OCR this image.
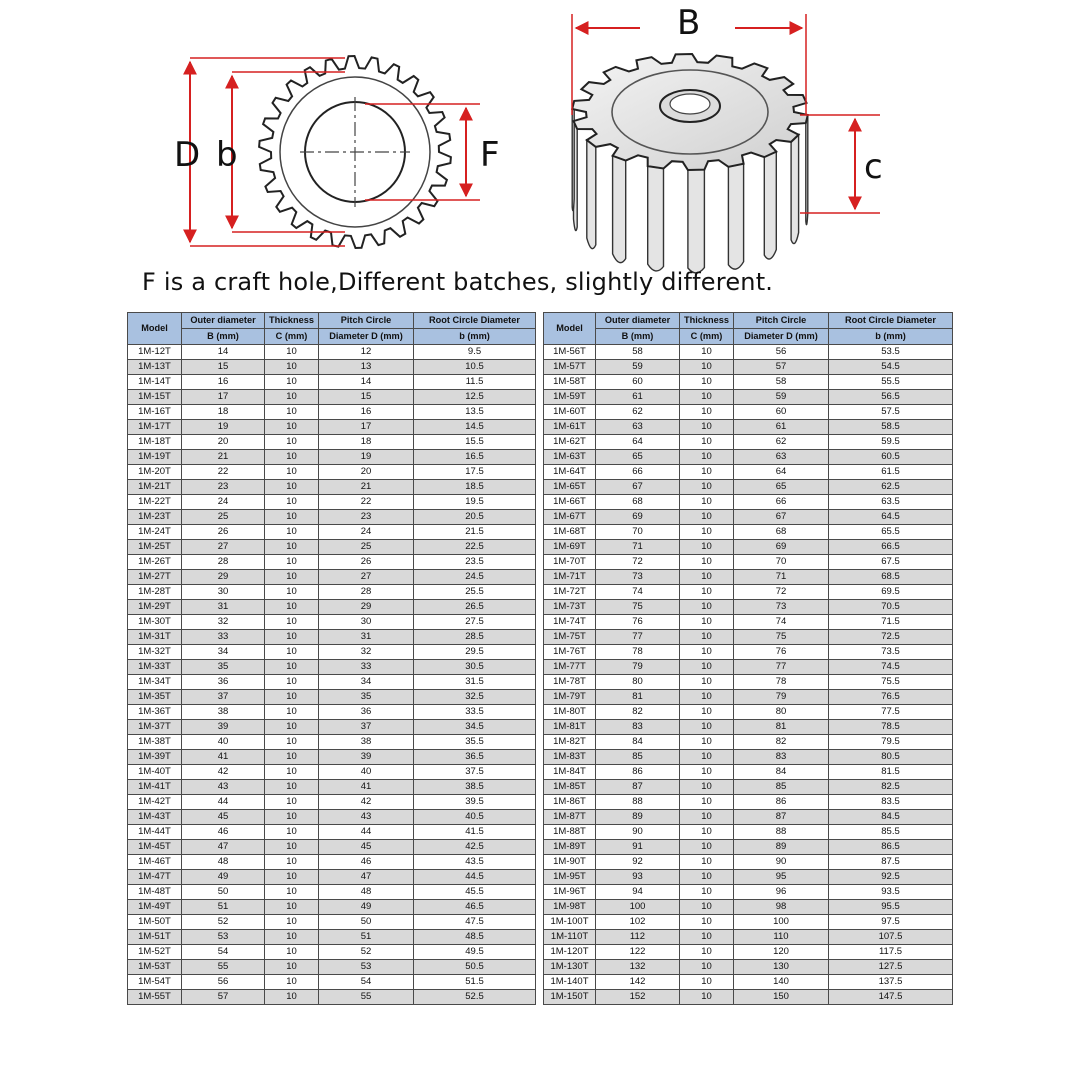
D b	F
B
c
F is a craft hole,Different batches, slightly different.
Model	Outer diameter	Thickness	Pitch Circle	Root Circle Diameter
	B (mm)	C (mm)	Diameter D (mm)	b (mm)
1M-12T	14	10	12	9.5
1M-13T	15	10	13	10.5
1M-14T	16	10	14	11.5
1M-15T	17	10	15	12.5
1M-16T	18	10	16	13.5
1M-17T	19	10	17	14.5
1M-18T	20	10	18	15.5
1M-19T	21	10	19	16.5
1M-20T	22	10	20	17.5
1M-21T	23	10	21	18.5
1M-22T	24	10	22	19.5
1M-23T	25	10	23	20.5
1M-24T	26	10	24	21.5
1M-25T	27	10	25	22.5
1M-26T	28	10	26	23.5
1M-27T	29	10	27	24.5
1M-28T	30	10	28	25.5
1M-29T	31	10	29	26.5
1M-30T	32	10	30	27.5
1M-31T	33	10	31	28.5
1M-32T	34	10	32	29.5
1M-33T	35	10	33	30.5
1M-34T	36	10	34	31.5
1M-35T	37	10	35	32.5
1M-36T	38	10	36	33.5
1M-37T	39	10	37	34.5
1M-38T	40	10	38	35.5
1M-39T	41	10	39	36.5
1M-40T	42	10	40	37.5
1M-41T	43	10	41	38.5
1M-42T	44	10	42	39.5
1M-43T	45	10	43	40.5
1M-44T	46	10	44	41.5
1M-45T	47	10	45	42.5
1M-46T	48	10	46	43.5
1M-47T	49	10	47	44.5
1M-48T	50	10	48	45.5
1M-49T	51	10	49	46.5
1M-50T	52	10	50	47.5
1M-51T	53	10	51	48.5
1M-52T	54	10	52	49.5
1M-53T	55	10	53	50.5
1M-54T	56	10	54	51.5
1M-55T	57	10	55	52.5
Model	Outer diameter	Thickness	Pitch Circle	Root Circle Diameter
	B (mm)	C (mm)	Diameter D (mm)	b (mm)
1M-56T	58	10	56	53.5
1M-57T	59	10	57	54.5
1M-58T	60	10	58	55.5
1M-59T	61	10	59	56.5
1M-60T	62	10	60	57.5
1M-61T	63	10	61	58.5
1M-62T	64	10	62	59.5
1M-63T	65	10	63	60.5
1M-64T	66	10	64	61.5
1M-65T	67	10	65	62.5
1M-66T	68	10	66	63.5
1M-67T	69	10	67	64.5
1M-68T	70	10	68	65.5
1M-69T	71	10	69	66.5
1M-70T	72	10	70	67.5
1M-71T	73	10	71	68.5
1M-72T	74	10	72	69.5
1M-73T	75	10	73	70.5
1M-74T	76	10	74	71.5
1M-75T	77	10	75	72.5
1M-76T	78	10	76	73.5
1M-77T	79	10	77	74.5
1M-78T	80	10	78	75.5
1M-79T	81	10	79	76.5
1M-80T	82	10	80	77.5
1M-81T	83	10	81	78.5
1M-82T	84	10	82	79.5
1M-83T	85	10	83	80.5
1M-84T	86	10	84	81.5
1M-85T	87	10	85	82.5
1M-86T	88	10	86	83.5
1M-87T	89	10	87	84.5
1M-88T	90	10	88	85.5
1M-89T	91	10	89	86.5
1M-90T	92	10	90	87.5
1M-95T	93	10	95	92.5
1M-96T	94	10	96	93.5
1M-98T	100	10	98	95.5
1M-100T	102	10	100	97.5
1M-110T	112	10	110	107.5
1M-120T	122	10	120	117.5
1M-130T	132	10	130	127.5
1M-140T	142	10	140	137.5
1M-150T	152	10	150	147.5
